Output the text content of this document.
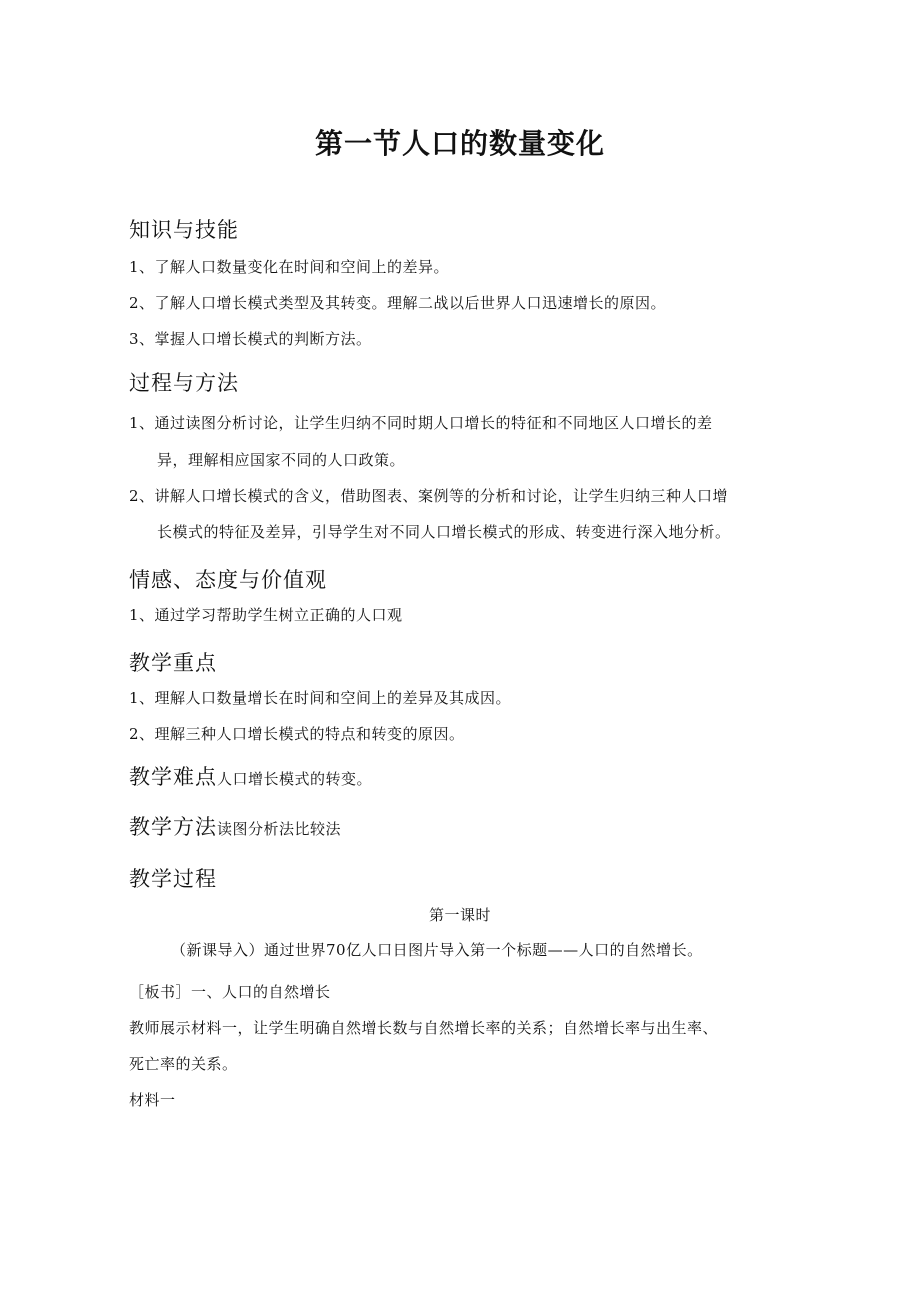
第一节人口的数量变化
知识与技能
1、了解人口数量变化在时间和空间上的差异。
2、了解人口增长模式类型及其转变。理解二战以后世界人口迅速增长的原因。
3、掌握人口增长模式的判断方法。
过程与方法
1、通过读图分析讨论，让学生归纳不同时期人口增长的特征和不同地区人口增长的差
异，理解相应国家不同的人口政策。
2、讲解人口增长模式的含义，借助图表、案例等的分析和讨论，让学生归纳三种人口增
长模式的特征及差异，引导学生对不同人口增长模式的形成、转变进行深入地分析。
情感、态度与价值观
1、通过学习帮助学生树立正确的人口观
教学重点
1、理解人口数量增长在时间和空间上的差异及其成因。
2、理解三种人口增长模式的特点和转变的原因。
教学难点人口增长模式的转变。
教学方法读图分析法比较法
教学过程
第一课时
（新课导入）通过世界70亿人口日图片导入第一个标题——人口的自然增长。
［板书］一、人口的自然增长
教师展示材料一，让学生明确自然增长数与自然增长率的关系；自然增长率与出生率、
死亡率的关系。
材料一
